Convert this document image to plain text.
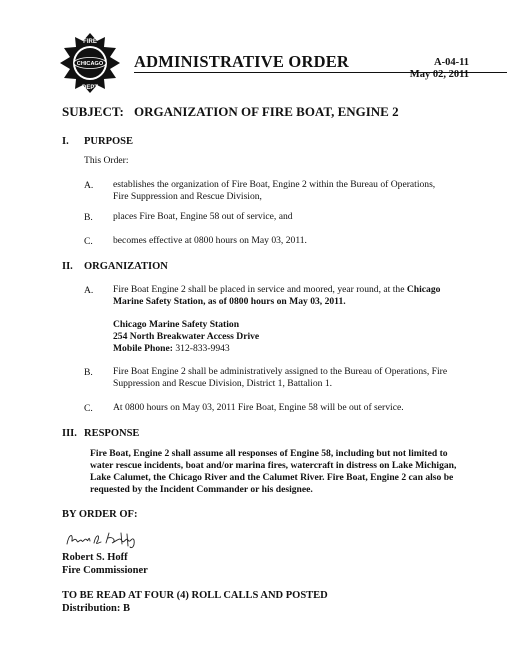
CHICAGO
FIRE
DEPT
ADMINISTRATIVE ORDER	A-04-11
May 02, 2011
SUBJECT: ORGANIZATION OF FIRE BOAT, ENGINE 2
I. PURPOSE
This Order:
A. establishes the organization of Fire Boat, Engine 2 within the Bureau of Operations,
Fire Suppression and Rescue Division,
B. places Fire Boat, Engine 58 out of service, and
C. becomes effective at 0800 hours on May 03, 2011.
II. ORGANIZATION
A. Fire Boat Engine 2 shall be placed in service and moored, year round, at the Chicago
Marine Safety Station, as of 0800 hours on May 03, 2011.
Chicago Marine Safety Station
254 North Breakwater Access Drive
Mobile Phone: 312-833-9943
B. Fire Boat Engine 2 shall be administratively assigned to the Bureau of Operations, Fire
Suppression and Rescue Division, District 1, Battalion 1.
C. At 0800 hours on May 03, 2011 Fire Boat, Engine 58 will be out of service.
III. RESPONSE
Fire Boat, Engine 2 shall assume all responses of Engine 58, including but not limited to
water rescue incidents, boat and/or marina fires, watercraft in distress on Lake Michigan,
Lake Calumet, the Chicago River and the Calumet River. Fire Boat, Engine 2 can also be
requested by the Incident Commander or his designee.
BY ORDER OF:
Robert S. Hoff
Fire Commissioner
TO BE READ AT FOUR (4) ROLL CALLS AND POSTED
Distribution: B
